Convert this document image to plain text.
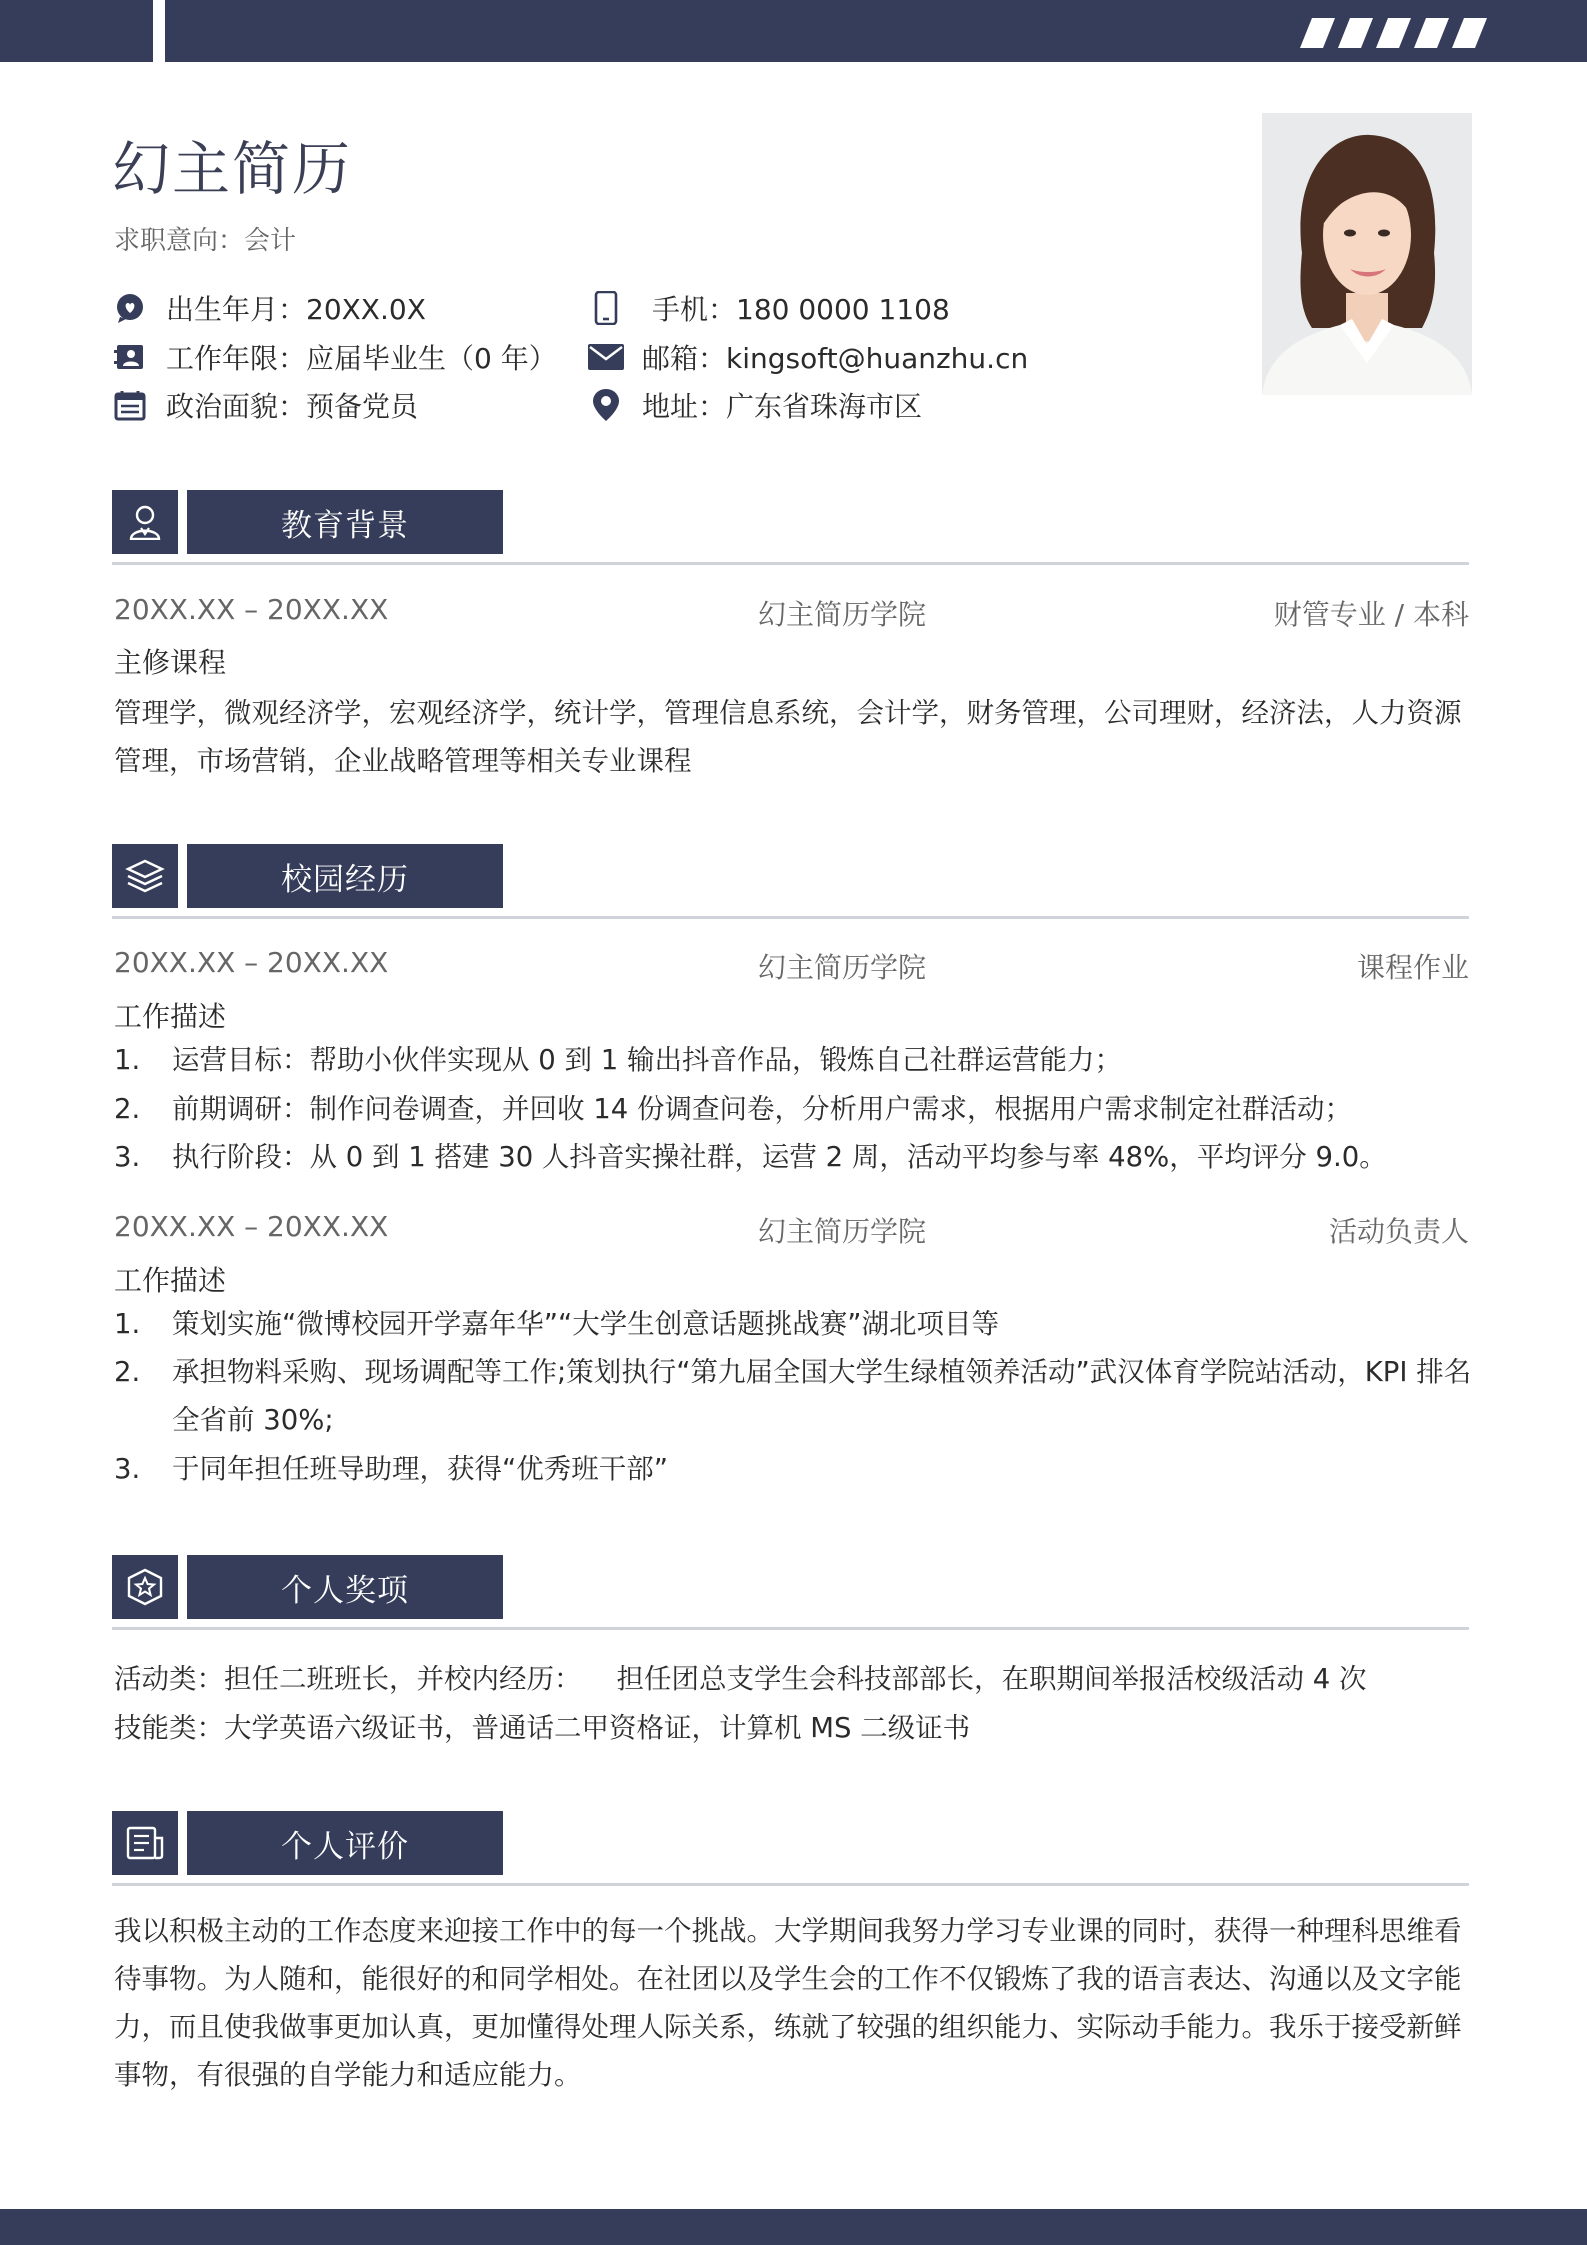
幻主简历
求职意向：会计
出生年月：20XX.0X
工作年限：应届毕业生（0 年）
政治面貌：预备党员
手机：180 0000 1108
邮箱：kingsoft@huanzhu.cn
地址：广东省珠海市区
教育背景
20XX.XX – 20XX.XX	幻主简历学院	财管专业 / 本科
主修课程
管理学，微观经济学，宏观经济学，统计学，管理信息系统，会计学，财务管理，公司理财，经济法，人力资源
管理，市场营销，企业战略管理等相关专业课程
校园经历
20XX.XX – 20XX.XX	幻主简历学院	课程作业
工作描述
1. 运营目标：帮助小伙伴实现从 0 到 1 输出抖音作品，锻炼自己社群运营能力；
2. 前期调研：制作问卷调查，并回收 14 份调查问卷，分析用户需求，根据用户需求制定社群活动；
3. 执行阶段：从 0 到 1 搭建 30 人抖音实操社群，运营 2 周，活动平均参与率 48%，平均评分 9.0。
20XX.XX – 20XX.XX	幻主简历学院	活动负责人
工作描述
1. 策划实施“微博校园开学嘉年华”“大学生创意话题挑战赛”湖北项目等
2. 承担物料采购、现场调配等工作;策划执行“第九届全国大学生绿植领养活动”武汉体育学院站活动，KPI 排名全省前 30%;
3. 于同年担任班导助理，获得“优秀班干部”
个人奖项
活动类：担任二班班长，并校内经历：    担任团总支学生会科技部部长，在职期间举报活校级活动 4 次
技能类：大学英语六级证书，普通话二甲资格证，计算机 MS 二级证书
个人评价
我以积极主动的工作态度来迎接工作中的每一个挑战。大学期间我努力学习专业课的同时，获得一种理科思维看待事物。为人随和，能很好的和同学相处。在社团以及学生会的工作不仅锻炼了我的语言表达、沟通以及文字能力，而且使我做事更加认真，更加懂得处理人际关系，练就了较强的组织能力、实际动手能力。我乐于接受新鲜事物，有很强的自学能力和适应能力。
